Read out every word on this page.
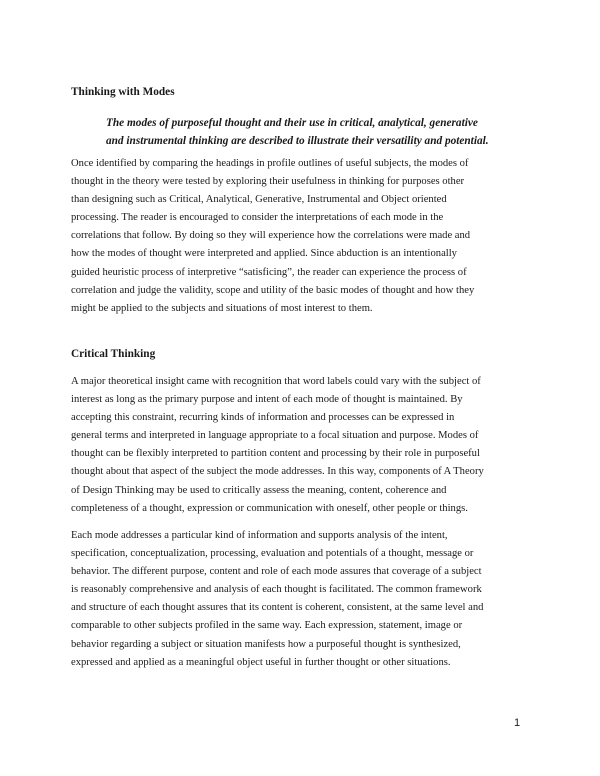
Thinking with Modes

The modes of purposeful thought and their use in critical, analytical, generative
and instrumental thinking are described to illustrate their versatility and potential.

Once identified by comparing the headings in profile outlines of useful subjects, the modes of
thought in the theory were tested by exploring their usefulness in thinking for purposes other
than designing such as Critical, Analytical, Generative, Instrumental and Object oriented
processing. The reader is encouraged to consider the interpretations of each mode in the
correlations that follow. By doing so they will experience how the correlations were made and
how the modes of thought were interpreted and applied. Since abduction is an intentionally
guided heuristic process of interpretive “satisficing”, the reader can experience the process of
correlation and judge the validity, scope and utility of the basic modes of thought and how they
might be applied to the subjects and situations of most interest to them.

Critical Thinking

A major theoretical insight came with recognition that word labels could vary with the subject of
interest as long as the primary purpose and intent of each mode of thought is maintained. By
accepting this constraint, recurring kinds of information and processes can be expressed in
general terms and interpreted in language appropriate to a focal situation and purpose. Modes of
thought can be flexibly interpreted to partition content and processing by their role in purposeful
thought about that aspect of the subject the mode addresses. In this way, components of A Theory
of Design Thinking may be used to critically assess the meaning, content, coherence and
completeness of a thought, expression or communication with oneself, other people or things.

Each mode addresses a particular kind of information and supports analysis of the intent,
specification, conceptualization, processing, evaluation and potentials of a thought, message or
behavior. The different purpose, content and role of each mode assures that coverage of a subject
is reasonably comprehensive and analysis of each thought is facilitated. The common framework
and structure of each thought assures that its content is coherent, consistent, at the same level and
comparable to other subjects profiled in the same way. Each expression, statement, image or
behavior regarding a subject or situation manifests how a purposeful thought is synthesized,
expressed and applied as a meaningful object useful in further thought or other situations.

1
